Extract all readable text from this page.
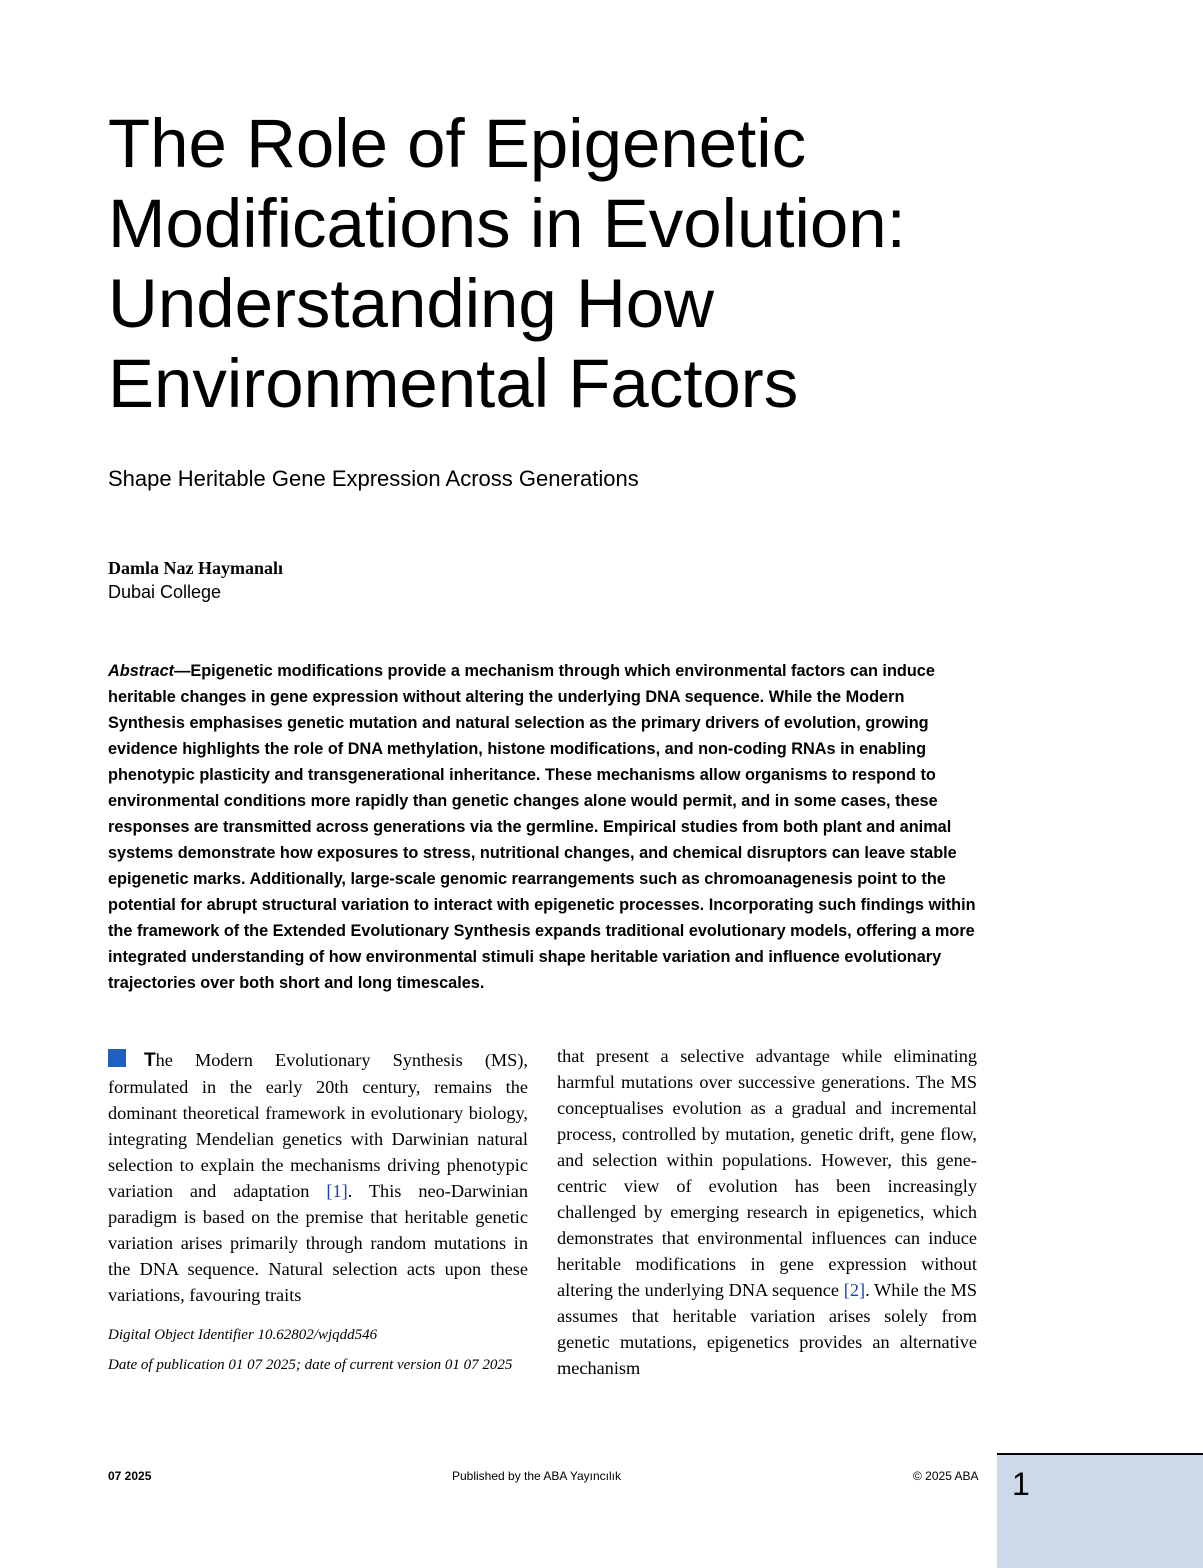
The Role of Epigenetic Modifications in Evolution: Understanding How Environmental Factors
Shape Heritable Gene Expression Across Generations
Damla Naz Haymanalı
Dubai College
Abstract—Epigenetic modifications provide a mechanism through which environmental factors can induce heritable changes in gene expression without altering the underlying DNA sequence. While the Modern Synthesis emphasises genetic mutation and natural selection as the primary drivers of evolution, growing evidence highlights the role of DNA methylation, histone modifications, and non-coding RNAs in enabling phenotypic plasticity and transgenerational inheritance. These mechanisms allow organisms to respond to environmental conditions more rapidly than genetic changes alone would permit, and in some cases, these responses are transmitted across generations via the germline. Empirical studies from both plant and animal systems demonstrate how exposures to stress, nutritional changes, and chemical disruptors can leave stable epigenetic marks. Additionally, large-scale genomic rearrangements such as chromoanagenesis point to the potential for abrupt structural variation to interact with epigenetic processes. Incorporating such findings within the framework of the Extended Evolutionary Synthesis expands traditional evolutionary models, offering a more integrated understanding of how environmental stimuli shape heritable variation and influence evolutionary trajectories over both short and long timescales.
The Modern Evolutionary Synthesis (MS), formulated in the early 20th century, remains the dominant theoretical framework in evolutionary biology, integrating Mendelian genetics with Darwinian natural selection to explain the mechanisms driving phenotypic variation and adaptation [1]. This neo-Darwinian paradigm is based on the premise that heritable genetic variation arises primarily through random mutations in the DNA sequence. Natural selection acts upon these variations, favouring traits
Digital Object Identifier 10.62802/wjqdd546
Date of publication 01 07 2025; date of current version 01 07 2025
that present a selective advantage while eliminating harmful mutations over successive generations. The MS conceptualises evolution as a gradual and incremental process, controlled by mutation, genetic drift, gene flow, and selection within populations. However, this gene-centric view of evolution has been increasingly challenged by emerging research in epigenetics, which demonstrates that environmental influences can induce heritable modifications in gene expression without altering the underlying DNA sequence [2]. While the MS assumes that heritable variation arises solely from genetic mutations, epigenetics provides an alternative mechanism
07 2025	Published by the ABA Yayıncılık	© 2025 ABA 1
